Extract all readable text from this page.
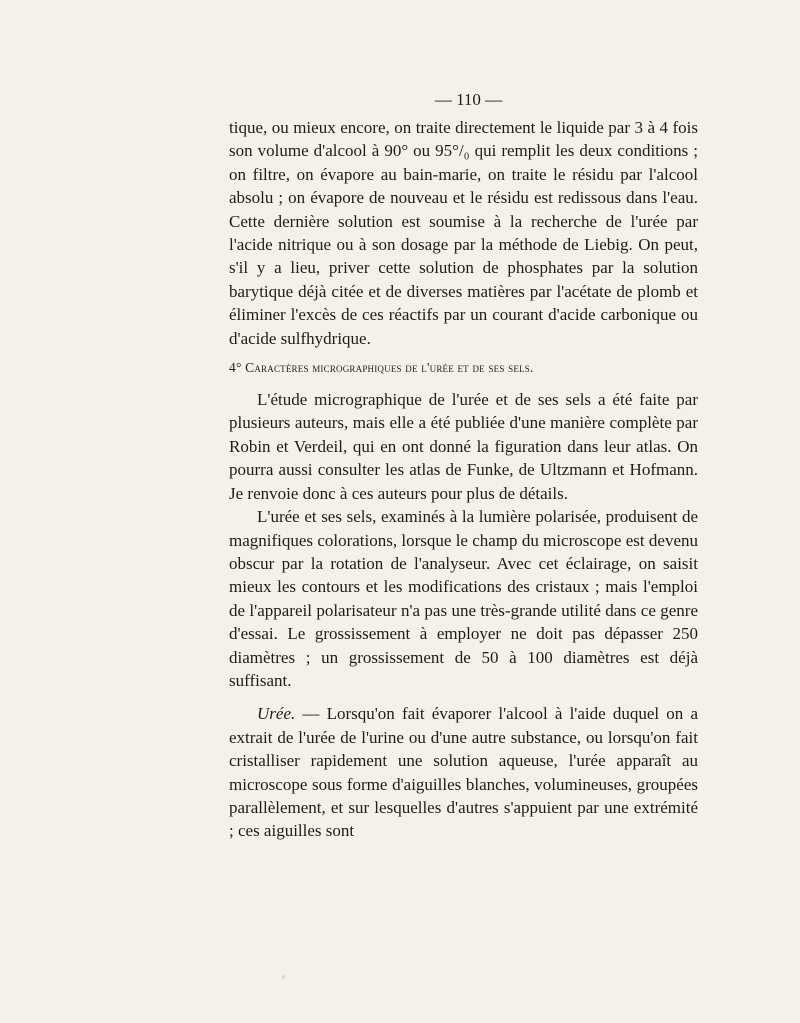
— 110 —

tique, ou mieux encore, on traite directement le liquide par 3 à 4 fois son volume d'alcool à 90° ou 95°/₀ qui remplit les deux conditions ; on filtre, on évapore au bain-marie, on traite le résidu par l'alcool absolu ; on évapore de nouveau et le résidu est redissous dans l'eau. Cette dernière solution est soumise à la recherche de l'urée par l'acide nitrique ou à son dosage par la méthode de Liebig. On peut, s'il y a lieu, priver cette solution de phosphates par la solution barytique déjà citée et de diverses matières par l'acétate de plomb et éliminer l'excès de ces réactifs par un courant d'acide carbonique ou d'acide sulfhydrique.

4° Caractères micrographiques de l'urée et de ses sels.

L'étude micrographique de l'urée et de ses sels a été faite par plusieurs auteurs, mais elle a été publiée d'une manière complète par Robin et Verdeil, qui en ont donné la figuration dans leur atlas. On pourra aussi consulter les atlas de Funke, de Ultzmann et Hofmann. Je renvoie donc à ces auteurs pour plus de détails.

L'urée et ses sels, examinés à la lumière polarisée, produisent de magnifiques colorations, lorsque le champ du microscope est devenu obscur par la rotation de l'analyseur. Avec cet éclairage, on saisit mieux les contours et les modifications des cristaux ; mais l'emploi de l'appareil polarisateur n'a pas une très-grande utilité dans ce genre d'essai. Le grossissement à employer ne doit pas dépasser 250 diamètres ; un grossissement de 50 à 100 diamètres est déjà suffisant.

Urée. — Lorsqu'on fait évaporer l'alcool à l'aide duquel on a extrait de l'urée de l'urine ou d'une autre substance, ou lorsqu'on fait cristalliser rapidement une solution aqueuse, l'urée apparaît au microscope sous forme d'aiguilles blanches, volumineuses, groupées parallèlement, et sur lesquelles d'autres s'appuient par une extrémité ; ces aiguilles sont
